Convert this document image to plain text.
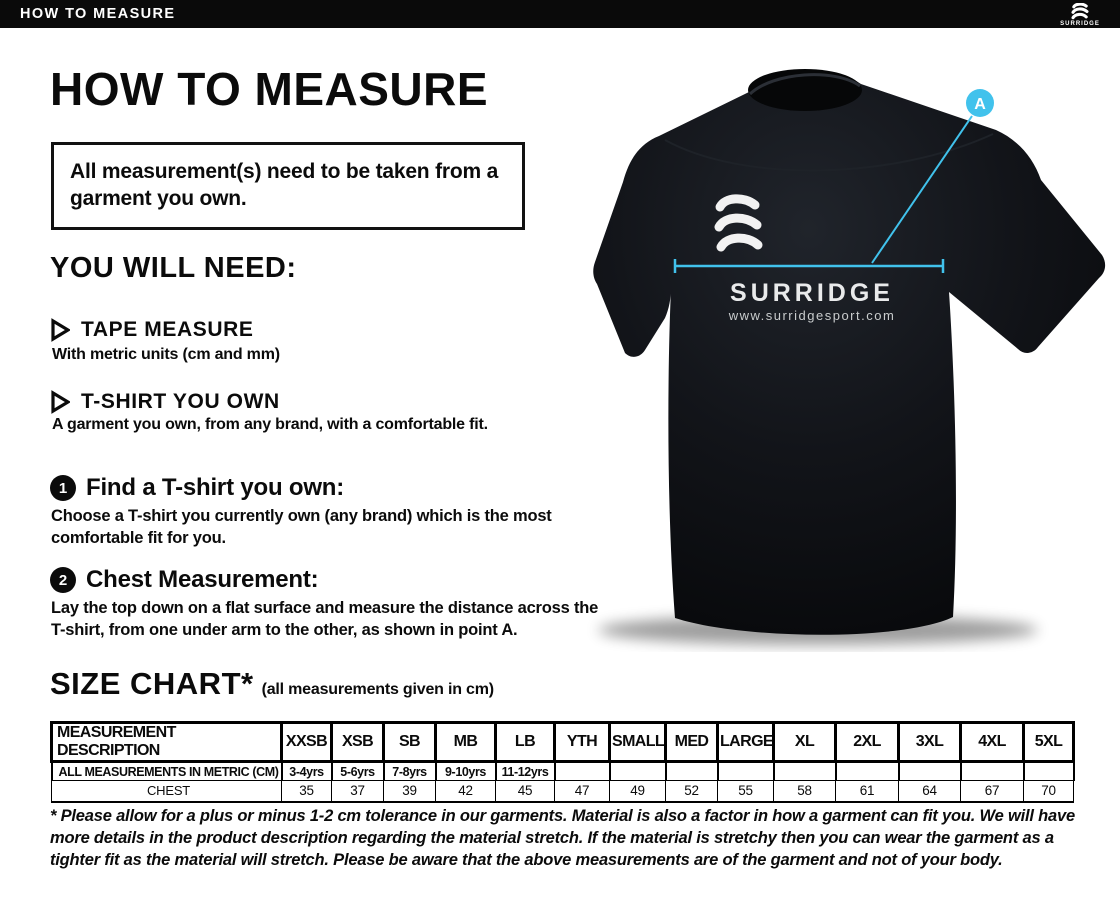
HOW TO MEASURE
SURRIDGE
HOW TO MEASURE
All measurement(s) need to be taken from a garment you own.
YOU WILL NEED:
TAPE MEASURE
With metric units (cm and mm)
T-SHIRT YOU OWN
A garment you own, from any brand, with a comfortable fit.
1 Find a T-shirt you own:
Choose a T-shirt you currently own (any brand) which is the most comfortable fit for you.
2 Chest Measurement:
Lay the top down on a flat surface and measure the distance across the T-shirt, from one under arm to the other, as shown in point A.
SIZE CHART* (all measurements given in cm)
MEASUREMENT DESCRIPTION	XXSB	XSB	SB	MB	LB	YTH	SMALL	MED	LARGE	XL	2XL	3XL	4XL	5XL
ALL MEASUREMENTS IN METRIC (CM)	3-4yrs	5-6yrs	7-8yrs	9-10yrs	11-12yrs									
CHEST	35	37	39	42	45	47	49	52	55	58	61	64	67	70
* Please allow for a plus or minus 1-2 cm tolerance in our garments. Material is also a factor in how a garment can fit you. We will have more details in the product description regarding the material stretch. If the material is stretchy then you can wear the garment as a tighter fit as the material will stretch. Please be aware that the above measurements are of the garment and not of your body.
SURRIDGE
www.surridgesport.com
A
